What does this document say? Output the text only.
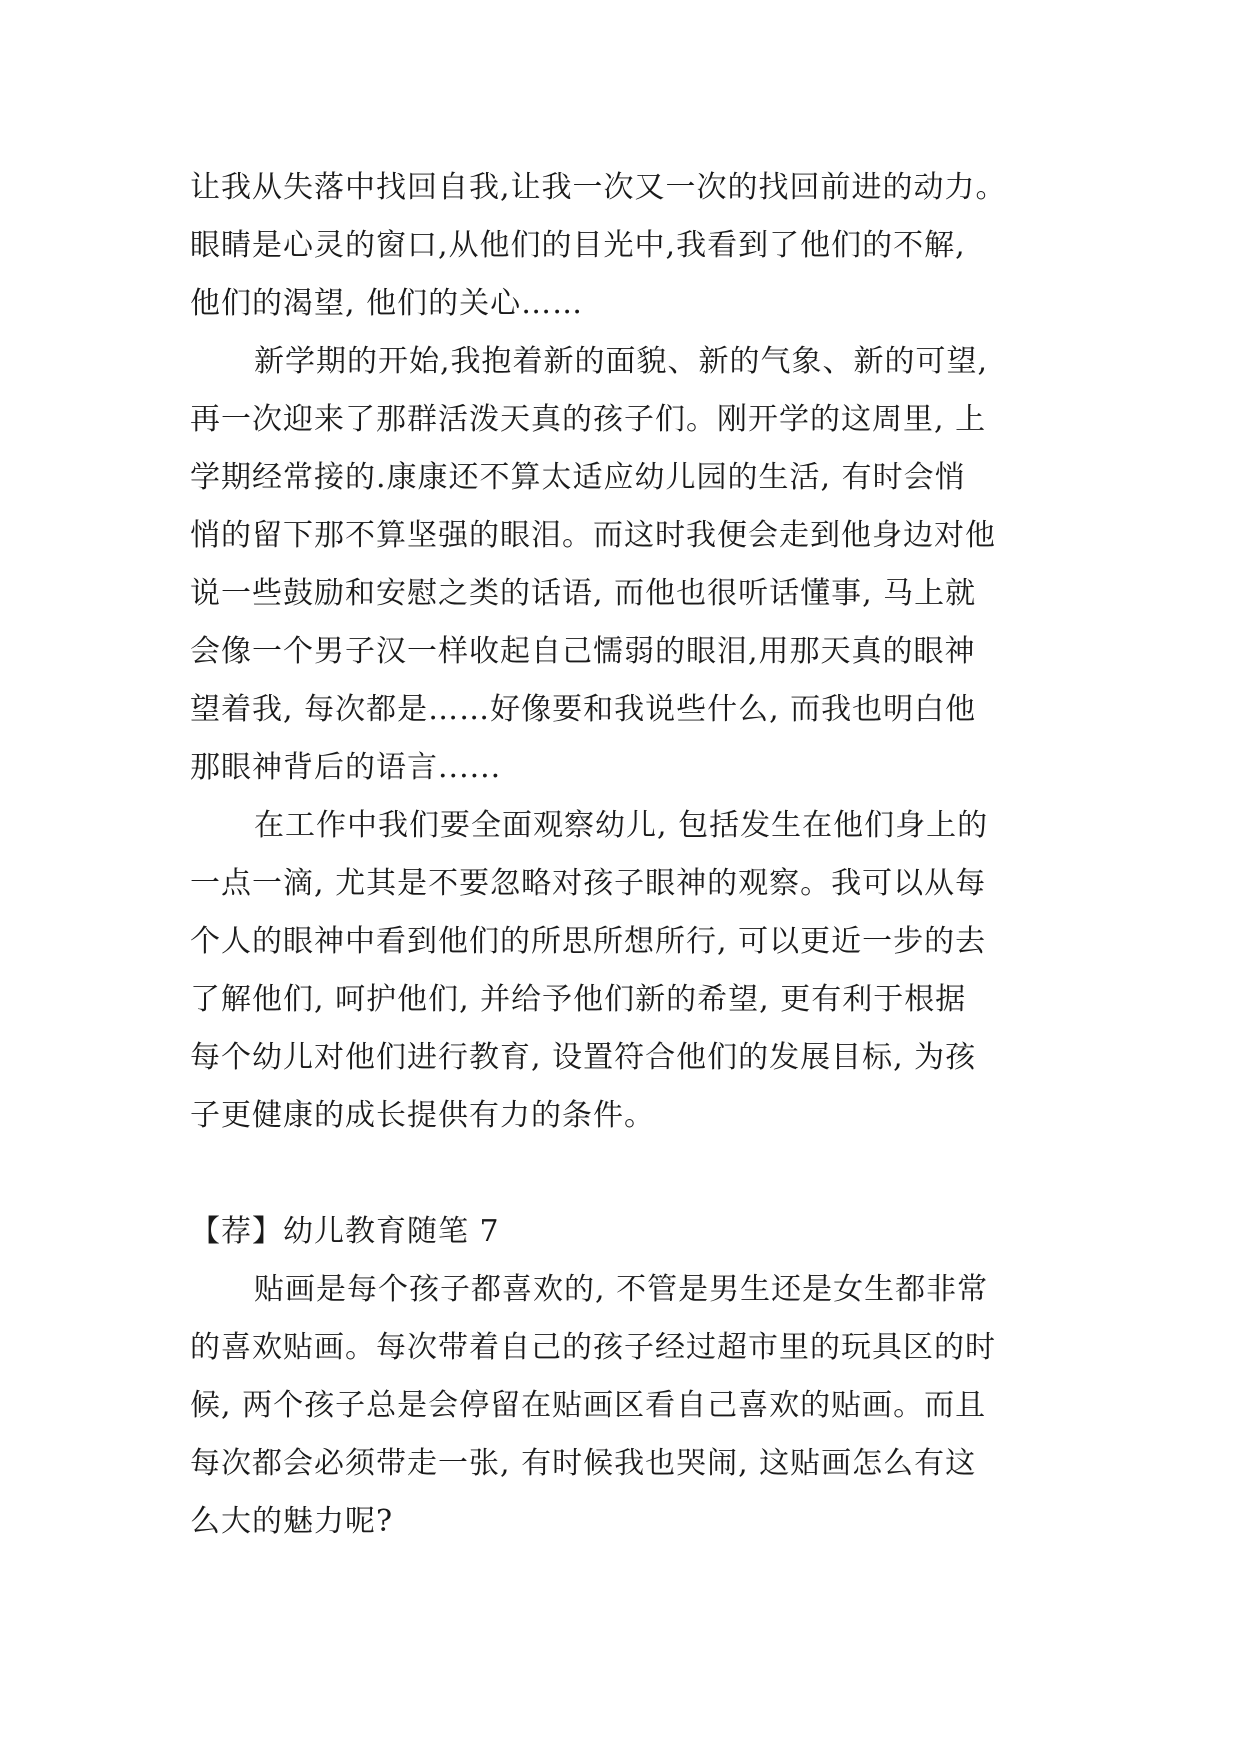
让我从失落中找回自我,让我一次又一次的找回前进的动力。
眼睛是心灵的窗口,从他们的目光中,我看到了他们的不解,
他们的渴望, 他们的关心……
新学期的开始,我抱着新的面貌、新的气象、新的可望,
再一次迎来了那群活泼天真的孩子们。刚开学的这周里, 上
学期经常接的.康康还不算太适应幼儿园的生活, 有时会悄
悄的留下那不算坚强的眼泪。而这时我便会走到他身边对他
说一些鼓励和安慰之类的话语, 而他也很听话懂事, 马上就
会像一个男子汉一样收起自己懦弱的眼泪,用那天真的眼神
望着我, 每次都是……好像要和我说些什么, 而我也明白他
那眼神背后的语言......
在工作中我们要全面观察幼儿, 包括发生在他们身上的
一点一滴, 尤其是不要忽略对孩子眼神的观察。我可以从每
个人的眼神中看到他们的所思所想所行, 可以更近一步的去
了解他们, 呵护他们, 并给予他们新的希望, 更有利于根据
每个幼儿对他们进行教育, 设置符合他们的发展目标, 为孩
子更健康的成长提供有力的条件。
【荐】幼儿教育随笔 7
贴画是每个孩子都喜欢的, 不管是男生还是女生都非常
的喜欢贴画。每次带着自己的孩子经过超市里的玩具区的时
候, 两个孩子总是会停留在贴画区看自己喜欢的贴画。而且
每次都会必须带走一张, 有时候我也哭闹, 这贴画怎么有这
么大的魅力呢?
